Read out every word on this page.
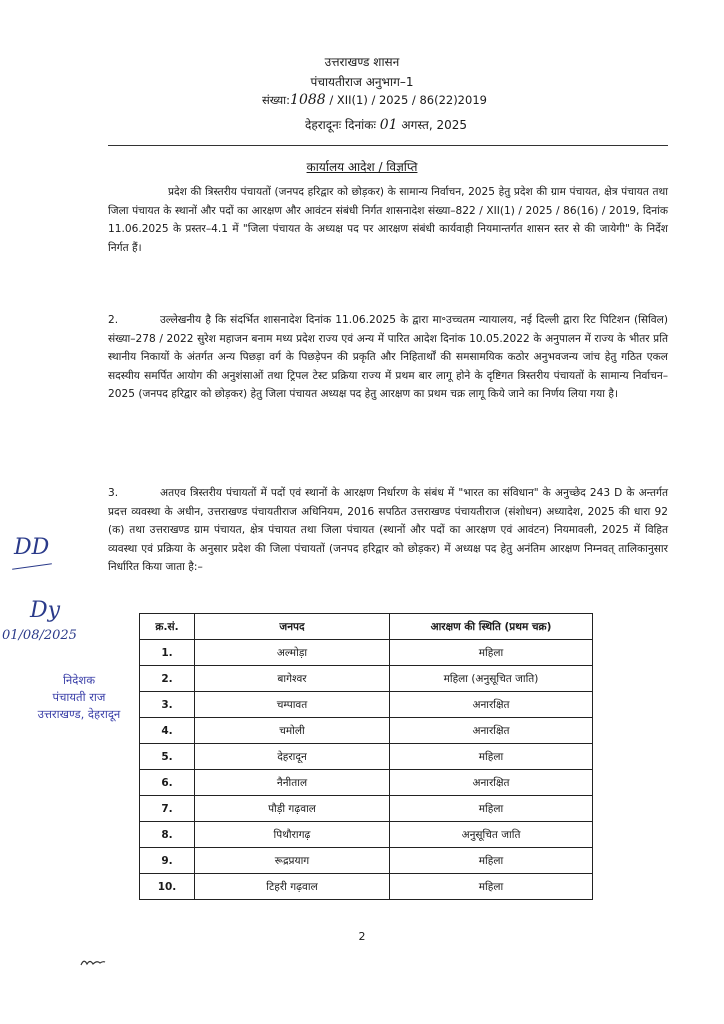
उत्तराखण्ड शासन
पंचायतीराज अनुभाग–1
संख्या:1088 / XII(1) / 2025 / 86(22)2019
देहरादूनः दिनांकः 01 अगस्त, 2025
कार्यालय आदेश / विज्ञप्ति
प्रदेश की त्रिस्तरीय पंचायतों (जनपद हरिद्वार को छोड़कर) के सामान्य निर्वाचन, 2025 हेतु प्रदेश की ग्राम पंचायत, क्षेत्र पंचायत तथा जिला पंचायत के स्थानों और पदों का आरक्षण और आवंटन संबंधी निर्गत शासनादेश संख्या–822 / XII(1) / 2025 / 86(16) / 2019, दिनांक 11.06.2025 के प्रस्तर–4.1 में "जिला पंचायत के अध्यक्ष पद पर आरक्षण संबंधी कार्यवाही नियमान्तर्गत शासन स्तर से की जायेगी" के निर्देश निर्गत हैं।
2.	उल्लेखनीय है कि संदर्भित शासनादेश दिनांक 11.06.2025 के द्वारा मा॰उच्चतम न्यायालय, नई दिल्ली द्वारा रिट पिटिशन (सिविल) संख्या–278 / 2022 सुरेश महाजन बनाम मध्य प्रदेश राज्य एवं अन्य में पारित आदेश दिनांक 10.05.2022 के अनुपालन में राज्य के भीतर प्रति स्थानीय निकायों के अंतर्गत अन्य पिछड़ा वर्ग के पिछड़ेपन की प्रकृति और निहितार्थों की समसामयिक कठोर अनुभवजन्य जांच हेतु गठित एकल सदस्यीय समर्पित आयोग की अनुशंसाओं तथा ट्रिपल टेस्ट प्रक्रिया राज्य में प्रथम बार लागू होने के दृष्टिगत त्रिस्तरीय पंचायतों के सामान्य निर्वाचन–2025 (जनपद हरिद्वार को छोड़कर) हेतु जिला पंचायत अध्यक्ष पद हेतु आरक्षण का प्रथम चक्र लागू किये जाने का निर्णय लिया गया है।
3.	अतएव त्रिस्तरीय पंचायतों में पदों एवं स्थानों के आरक्षण निर्धारण के संबंध में "भारत का संविधान" के अनुच्छेद 243 D के अन्तर्गत प्रदत्त व्यवस्था के अधीन, उत्तराखण्ड पंचायतीराज अधिनियम, 2016 सपठित उत्तराखण्ड पंचायतीराज (संशोधन) अध्यादेश, 2025 की धारा 92 (क) तथा उत्तराखण्ड ग्राम पंचायत, क्षेत्र पंचायत तथा जिला पंचायत (स्थानों और पदों का आरक्षण एवं आवंटन) नियमावली, 2025 में विहित व्यवस्था एवं प्रक्रिया के अनुसार प्रदेश की जिला पंचायतों (जनपद हरिद्वार को छोड़कर) में अध्यक्ष पद हेतु अनंतिम आरक्षण निम्नवत् तालिकानुसार निर्धारित किया जाता है:–
DD
Dy
01/08/2025
निदेशक
पंचायती राज
उत्तराखण्ड, देहरादून
क्र.सं.	जनपद	आरक्षण की स्थिति (प्रथम चक्र)
1.	अल्मोड़ा	महिला
2.	बागेश्वर	महिला (अनुसूचित जाति)
3.	चम्पावत	अनारक्षित
4.	चमोली	अनारक्षित
5.	देहरादून	महिला
6.	नैनीताल	अनारक्षित
7.	पौड़ी गढ़वाल	महिला
8.	पिथौरागढ़	अनुसूचित जाति
9.	रूद्रप्रयाग	महिला
10.	टिहरी गढ़वाल	महिला
2
